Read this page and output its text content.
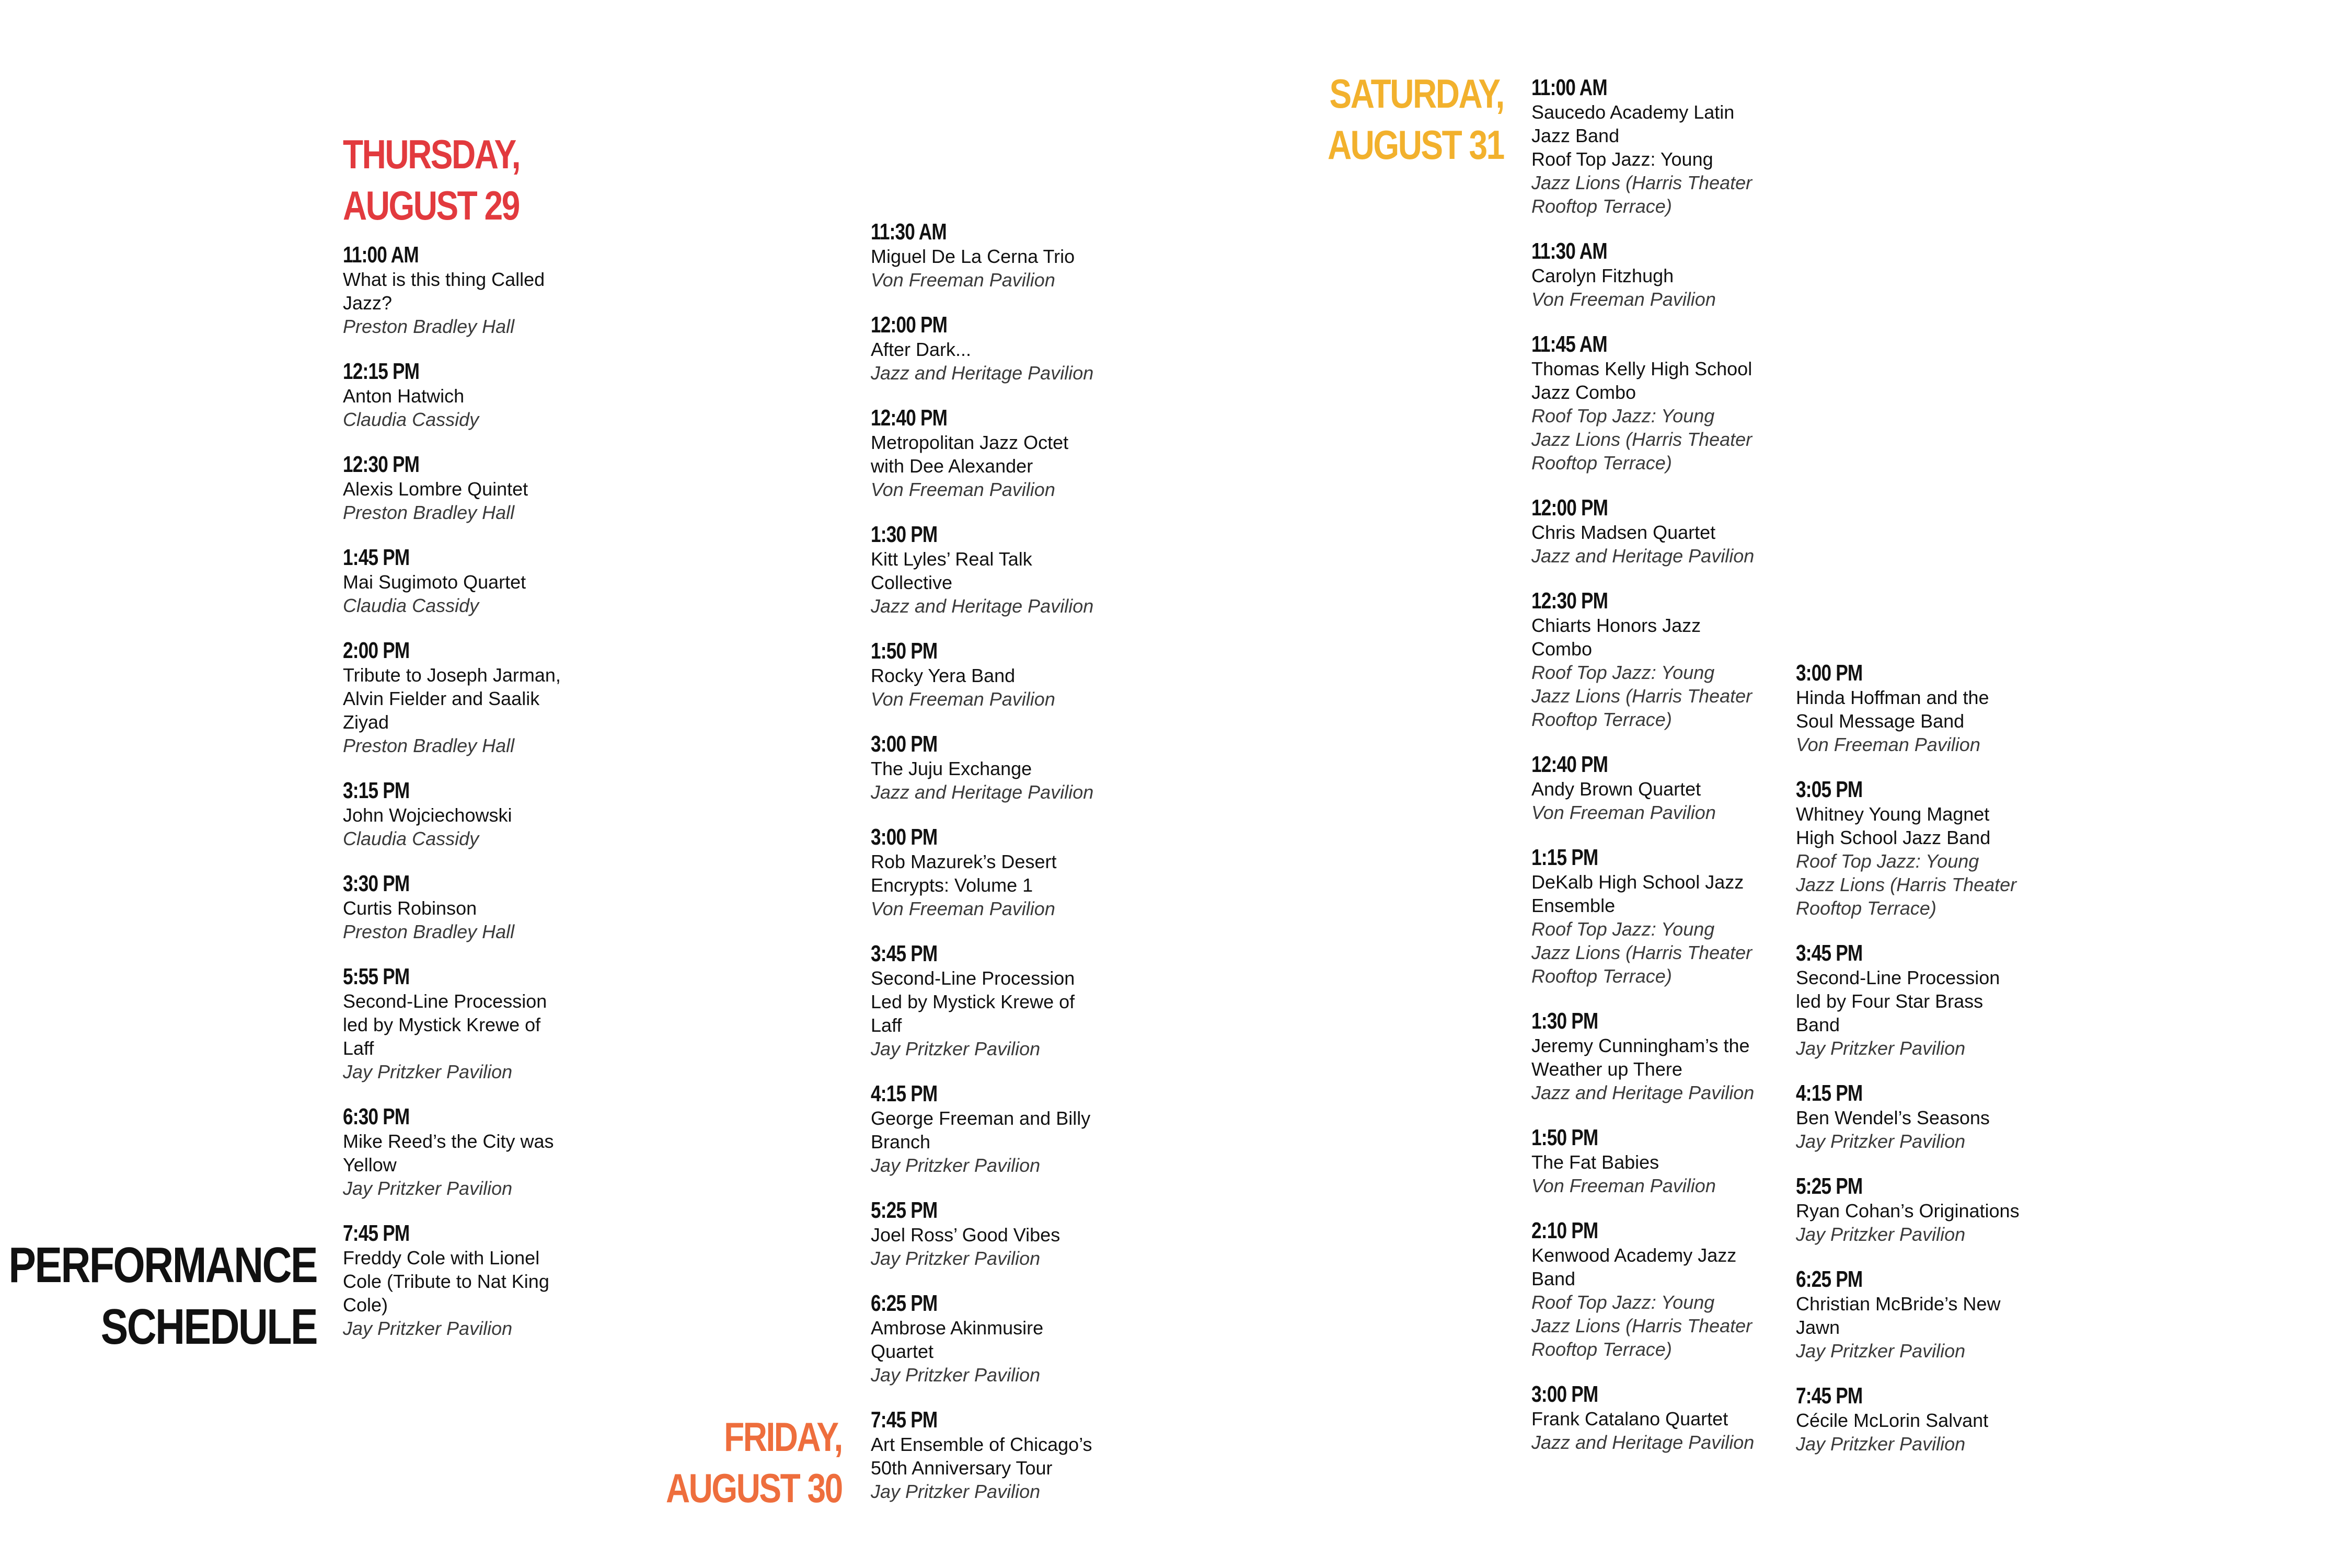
PERFORMANCE
SCHEDULE
THURSDAY,
AUGUST 29
FRIDAY,
AUGUST 30
SATURDAY,
AUGUST 31
11:00 AM
What is this thing Called
Jazz?
Preston Bradley Hall
12:15 PM
Anton Hatwich
Claudia Cassidy
12:30 PM
Alexis Lombre Quintet
Preston Bradley Hall
1:45 PM
Mai Sugimoto Quartet
Claudia Cassidy
2:00 PM
Tribute to Joseph Jarman,
Alvin Fielder and Saalik
Ziyad
Preston Bradley Hall
3:15 PM
John Wojciechowski
Claudia Cassidy
3:30 PM
Curtis Robinson
Preston Bradley Hall
5:55 PM
Second-Line Procession
led by Mystick Krewe of
Laff
Jay Pritzker Pavilion
6:30 PM
Mike Reed’s the City was
Yellow
Jay Pritzker Pavilion
7:45 PM
Freddy Cole with Lionel
Cole (Tribute to Nat King
Cole)
Jay Pritzker Pavilion
11:30 AM
Miguel De La Cerna Trio
Von Freeman Pavilion
12:00 PM
After Dark...
Jazz and Heritage Pavilion
12:40 PM
Metropolitan Jazz Octet
with Dee Alexander
Von Freeman Pavilion
1:30 PM
Kitt Lyles’ Real Talk
Collective
Jazz and Heritage Pavilion
1:50 PM
Rocky Yera Band
Von Freeman Pavilion
3:00 PM
The Juju Exchange
Jazz and Heritage Pavilion
3:00 PM
Rob Mazurek’s Desert
Encrypts: Volume 1
Von Freeman Pavilion
3:45 PM
Second-Line Procession
Led by Mystick Krewe of
Laff
Jay Pritzker Pavilion
4:15 PM
George Freeman and Billy
Branch
Jay Pritzker Pavilion
5:25 PM
Joel Ross’ Good Vibes
Jay Pritzker Pavilion
6:25 PM
Ambrose Akinmusire
Quartet
Jay Pritzker Pavilion
7:45 PM
Art Ensemble of Chicago’s
50th Anniversary Tour
Jay Pritzker Pavilion
11:00 AM
Saucedo Academy Latin
Jazz Band
Roof Top Jazz: Young
Jazz Lions (Harris Theater
Rooftop Terrace)
11:30 AM
Carolyn Fitzhugh
Von Freeman Pavilion
11:45 AM
Thomas Kelly High School
Jazz Combo
Roof Top Jazz: Young
Jazz Lions (Harris Theater
Rooftop Terrace)
12:00 PM
Chris Madsen Quartet
Jazz and Heritage Pavilion
12:30 PM
Chiarts Honors Jazz
Combo
Roof Top Jazz: Young
Jazz Lions (Harris Theater
Rooftop Terrace)
12:40 PM
Andy Brown Quartet
Von Freeman Pavilion
1:15 PM
DeKalb High School Jazz
Ensemble
Roof Top Jazz: Young
Jazz Lions (Harris Theater
Rooftop Terrace)
1:30 PM
Jeremy Cunningham’s the
Weather up There
Jazz and Heritage Pavilion
1:50 PM
The Fat Babies
Von Freeman Pavilion
2:10 PM
Kenwood Academy Jazz
Band
Roof Top Jazz: Young
Jazz Lions (Harris Theater
Rooftop Terrace)
3:00 PM
Frank Catalano Quartet
Jazz and Heritage Pavilion
3:00 PM
Hinda Hoffman and the
Soul Message Band
Von Freeman Pavilion
3:05 PM
Whitney Young Magnet
High School Jazz Band
Roof Top Jazz: Young
Jazz Lions (Harris Theater
Rooftop Terrace)
3:45 PM
Second-Line Procession
led by Four Star Brass
Band
Jay Pritzker Pavilion
4:15 PM
Ben Wendel’s Seasons
Jay Pritzker Pavilion
5:25 PM
Ryan Cohan’s Originations
Jay Pritzker Pavilion
6:25 PM
Christian McBride’s New
Jawn
Jay Pritzker Pavilion
7:45 PM
Cécile McLorin Salvant
Jay Pritzker Pavilion
